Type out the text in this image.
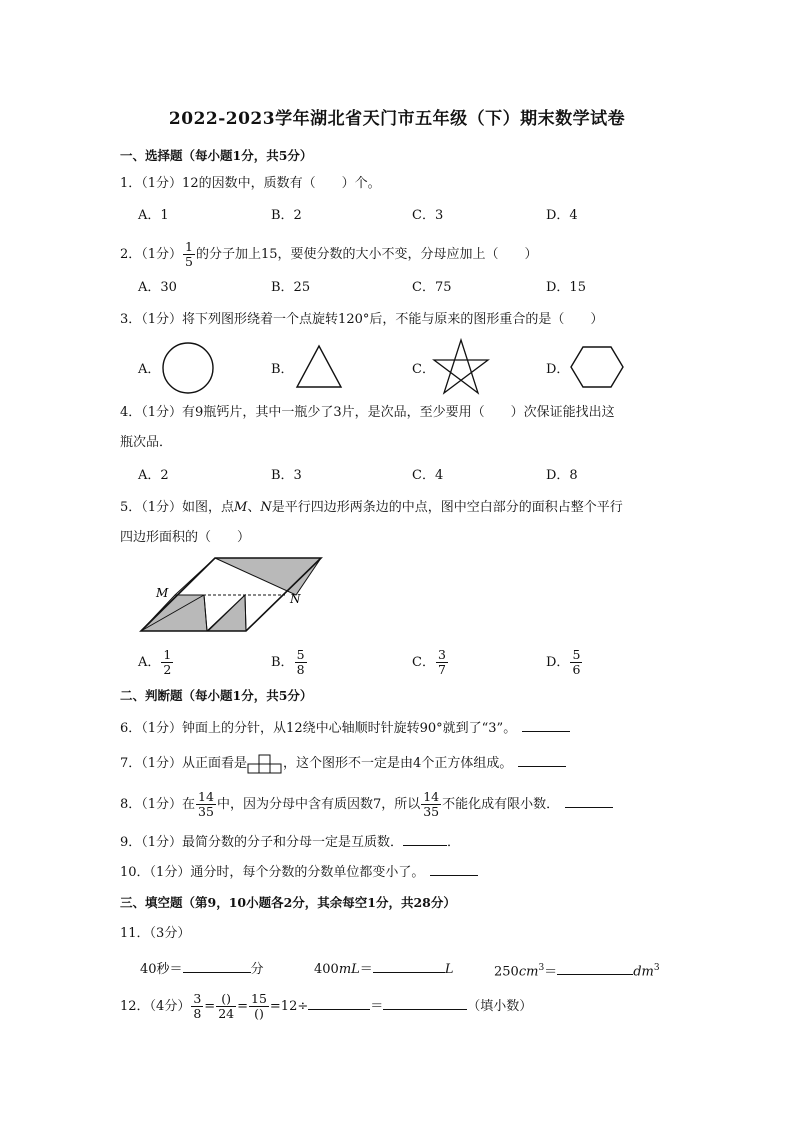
2022-2023学年湖北省天门市五年级（下）期末数学试卷
一、选择题（每小题1分，共5分）
1．（1分）12的因数中，质数有（　　）个。
A．1	B．2	C．3	D．4
2．（1分） $\frac{1}{5}$ 的分子加上15，要使分数的大小不变，分母应加上（　　）
A．30	B．25	C．75	D．15
3．（1分）将下列图形绕着一个点旋转120°后，不能与原来的图形重合的是（　　）
A．	B．	C．	D．
4．（1分）有9瓶钙片，其中一瓶少了3片，是次品，至少要用（　　）次保证能找出这
瓶次品．
A．2	B．3	C．4	D．8
5．（1分）如图，点M、N是平行四边形两条边的中点，图中空白部分的面积占整个平行
四边形面积的（　　）
M	N
A． $\frac{1}{2}$	B． $\frac{5}{8}$	C． $\frac{3}{7}$	D． $\frac{5}{6}$
二、判断题（每小题1分，共5分）
6．（1分）钟面上的分针，从12绕中心轴顺时针旋转90°就到了“3”。
7．（1分）从正面看是	，这个图形不一定是由4个正方体组成。
8．（1分）在 $\frac{14}{35}$ 中，因为分母中含有质因数7，所以 $\frac{14}{35}$ 不能化成有限小数．
9．（1分）最简分数的分子和分母一定是互质数．	．
10．（1分）通分时，每个分数的分数单位都变小了。
三、填空题（第9，10小题各2分，其余每空1分，共28分）
11．（3分）
40秒＝	分	400mL＝	L	$250cm^3=$	$dm^3$
12．（4分） $\frac{3}{8} = \frac{()}{24} = \frac{15}{()} =12\div$	＝	（填小数）
